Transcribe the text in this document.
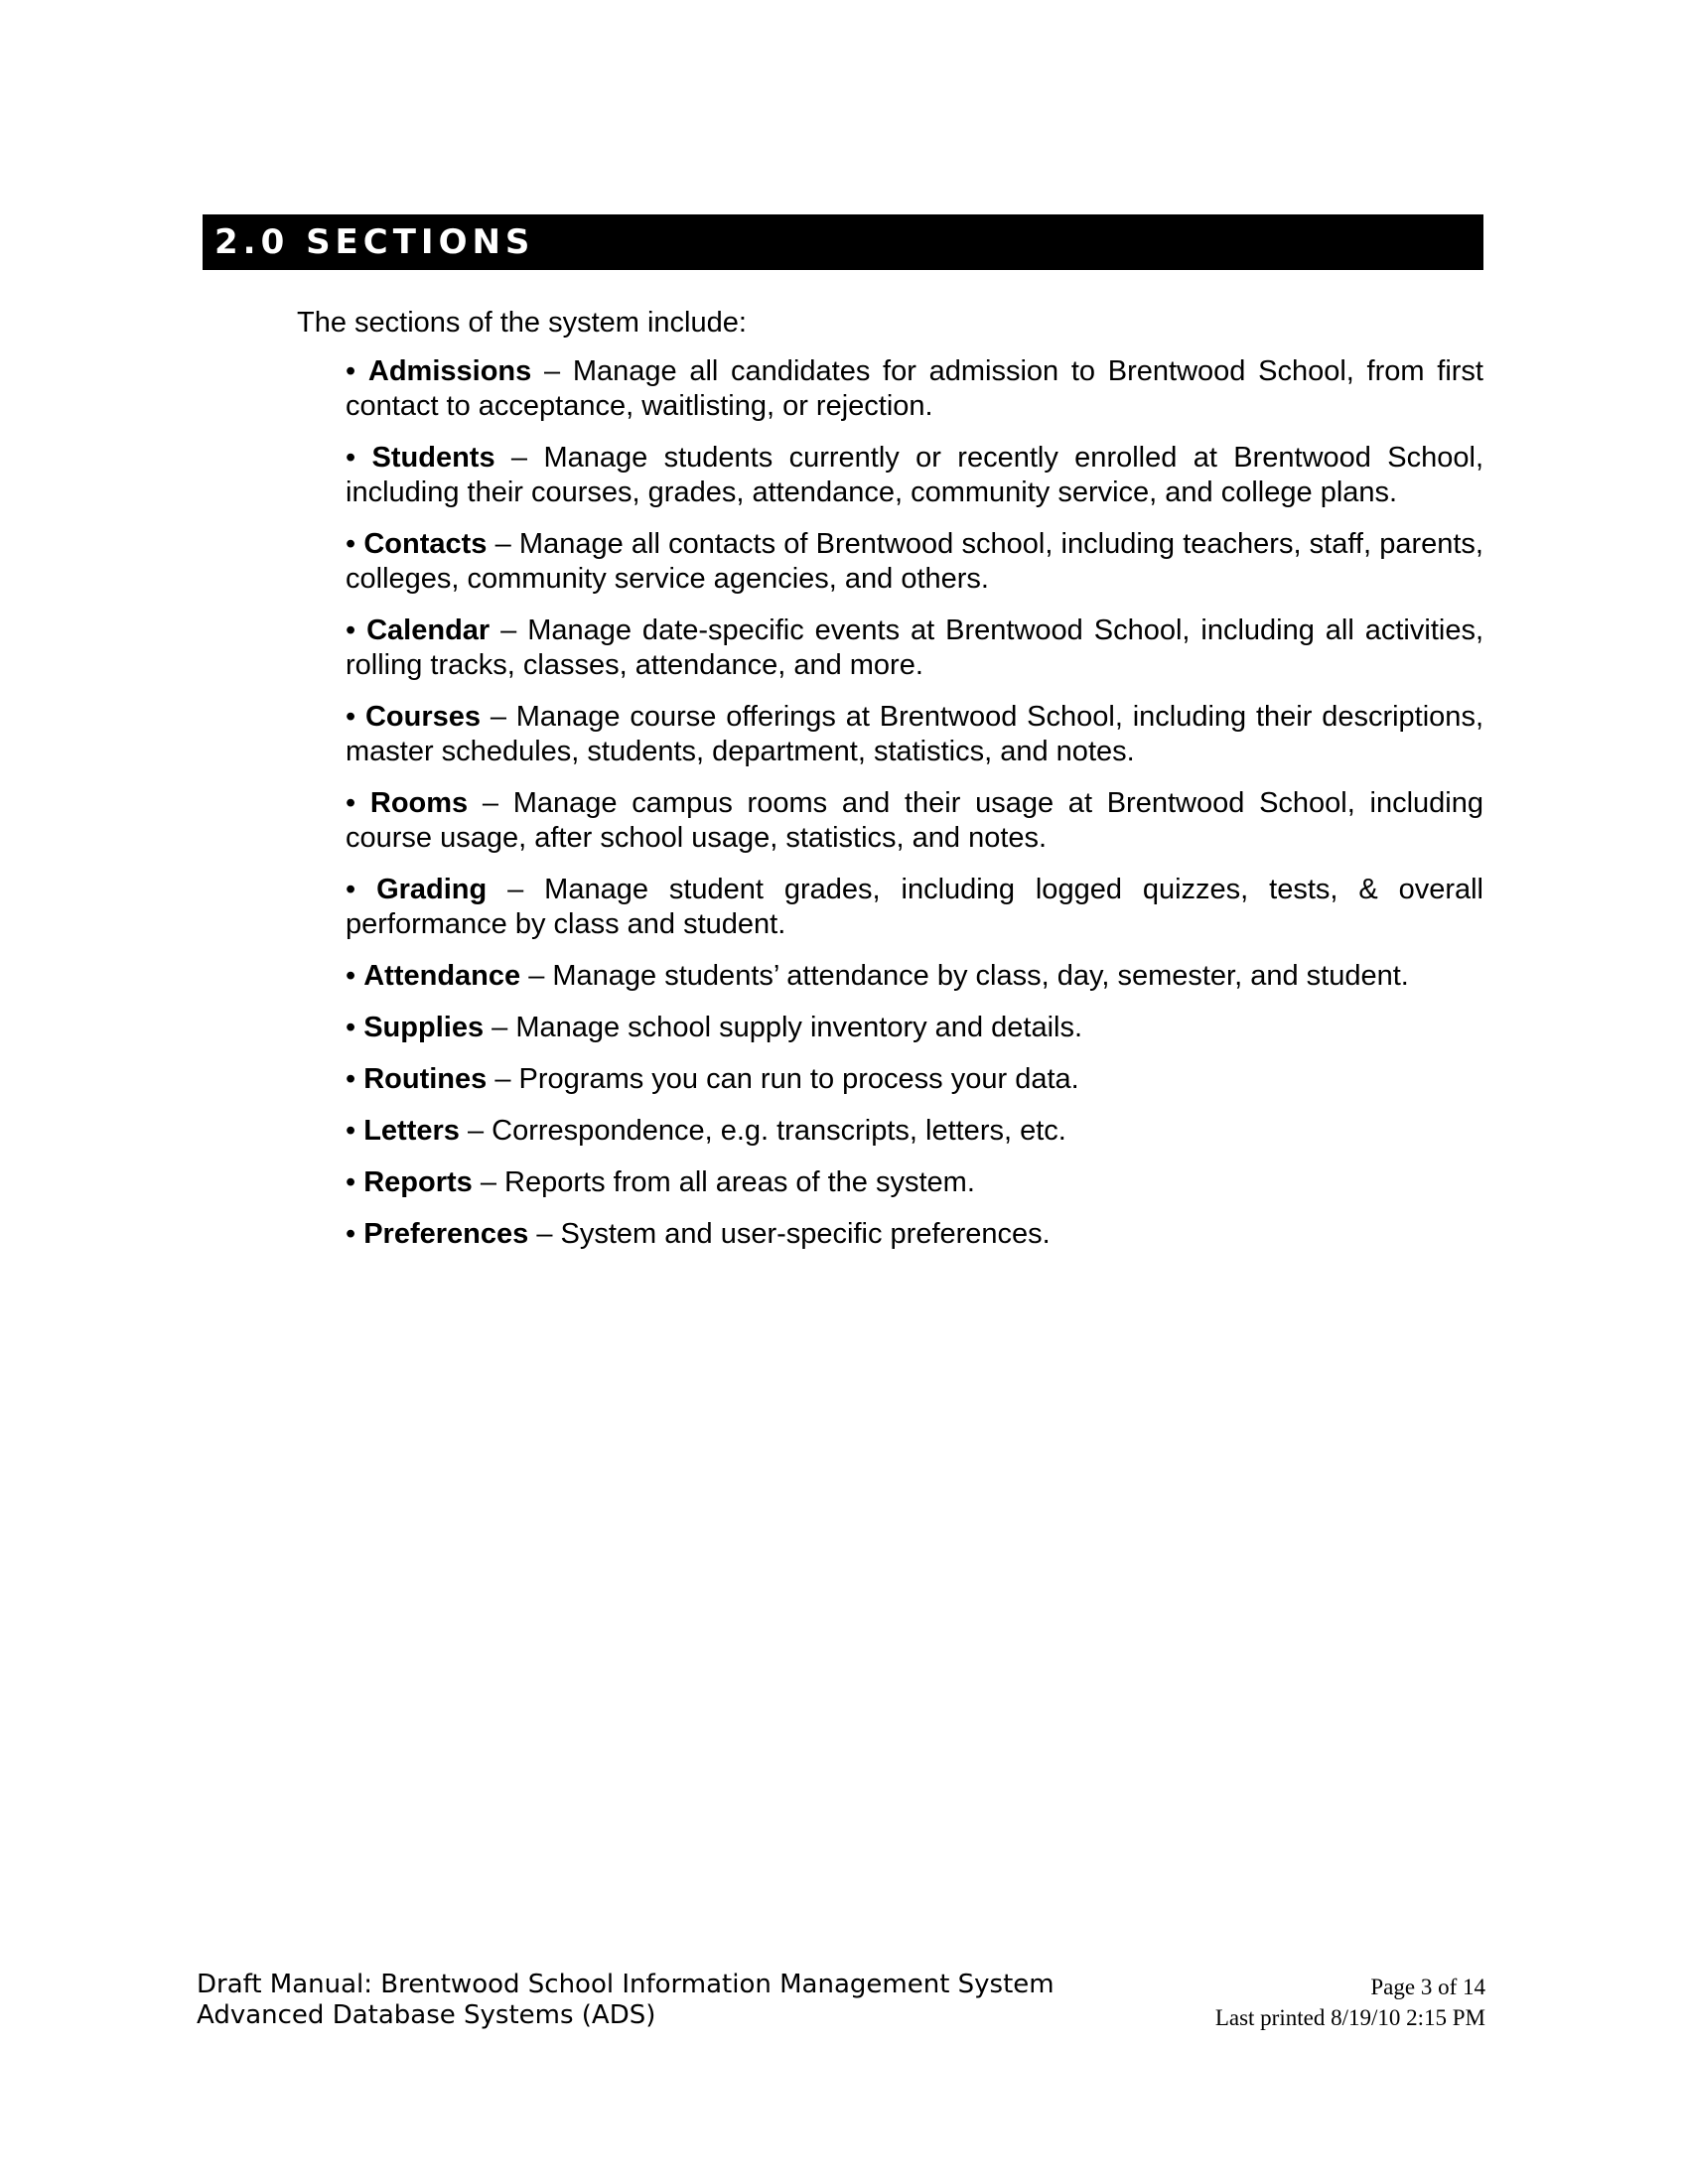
2.0 SECTIONS
The sections of the system include:
• Admissions – Manage all candidates for admission to Brentwood School, from first contact to acceptance, waitlisting, or rejection.
• Students – Manage students currently or recently enrolled at Brentwood School, including their courses, grades, attendance, community service, and college plans.
• Contacts – Manage all contacts of Brentwood school, including teachers, staff, parents, colleges, community service agencies, and others.
• Calendar – Manage date-specific events at Brentwood School, including all activities, rolling tracks, classes, attendance, and more.
• Courses – Manage course offerings at Brentwood School, including their descriptions, master schedules, students, department, statistics, and notes.
• Rooms – Manage campus rooms and their usage at Brentwood School, including course usage, after school usage, statistics, and notes.
• Grading – Manage student grades, including logged quizzes, tests, & overall performance by class and student.
• Attendance – Manage students’ attendance by class, day, semester, and student.
• Supplies – Manage school supply inventory and details.
• Routines – Programs you can run to process your data.
• Letters – Correspondence, e.g. transcripts, letters, etc.
• Reports – Reports from all areas of the system.
• Preferences – System and user-specific preferences.
Draft Manual: Brentwood School Information Management System
Advanced Database Systems (ADS)
Page 3 of 14
Last printed 8/19/10 2:15 PM
